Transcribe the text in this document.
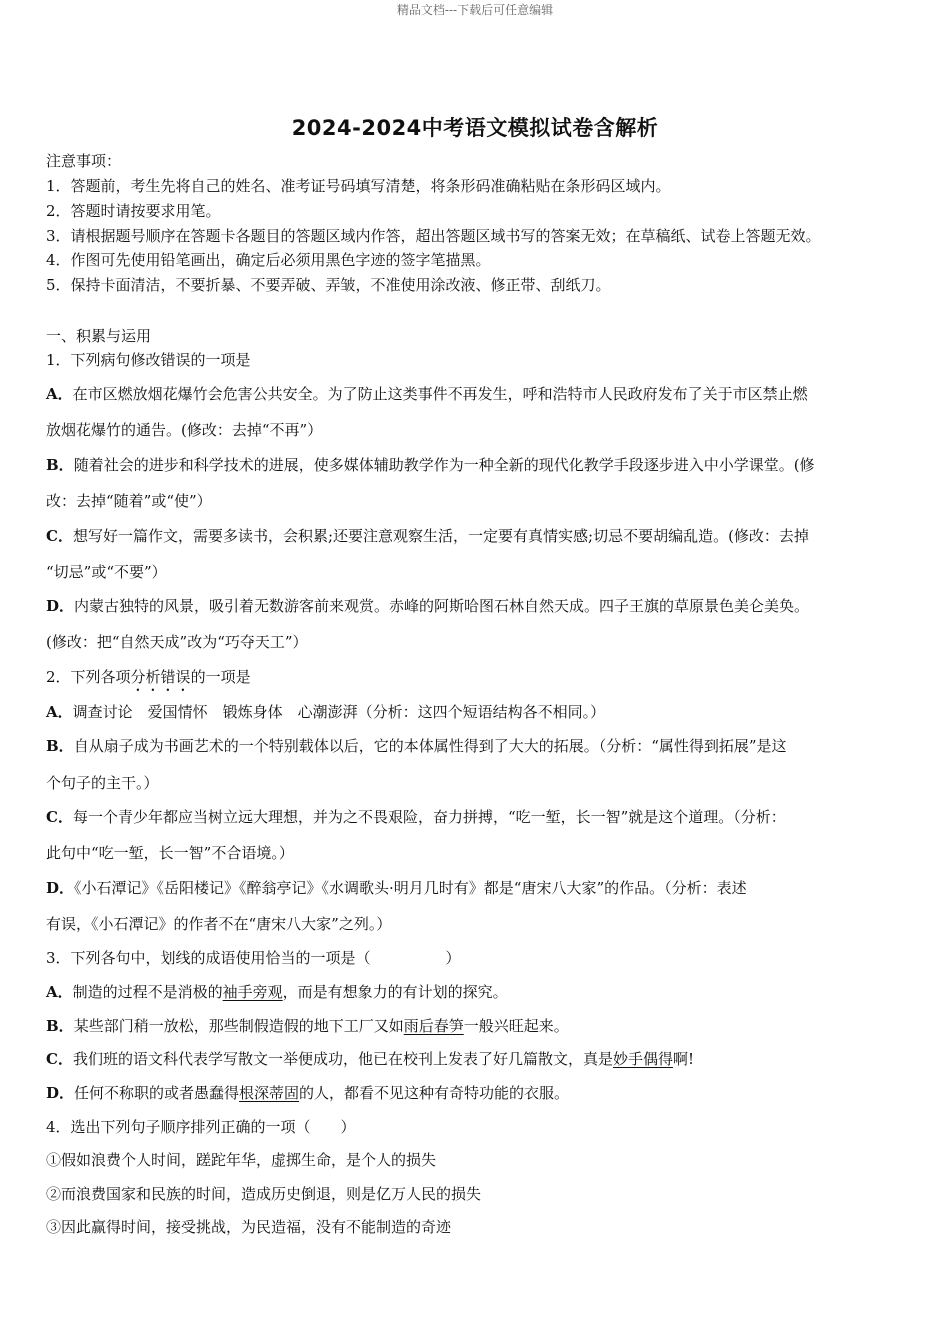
精品文档---下载后可任意编辑
2024-2024中考语文模拟试卷含解析
注意事项：
1．答题前，考生先将自己的姓名、准考证号码填写清楚，将条形码准确粘贴在条形码区域内。
2．答题时请按要求用笔。
3．请根据题号顺序在答题卡各题目的答题区域内作答，超出答题区域书写的答案无效；在草稿纸、试卷上答题无效。
4．作图可先使用铅笔画出，确定后必须用黑色字迹的签字笔描黑。
5．保持卡面清洁，不要折暴、不要弄破、弄皱，不准使用涂改液、修正带、刮纸刀。
一、积累与运用
1．下列病句修改错误的一项是
A．在市区燃放烟花爆竹会危害公共安全。为了防止这类事件不再发生，呼和浩特市人民政府发布了关于市区禁止燃
放烟花爆竹的通告。(修改：去掉“不再”）
B．随着社会的进步和科学技术的进展，使多媒体辅助教学作为一种全新的现代化教学手段逐步进入中小学课堂。(修
改：去掉“随着”或“使”）
C．想写好一篇作文，需要多读书，会积累;还要注意观察生活，一定要有真情实感;切忌不要胡编乱造。(修改：去掉
“切忌”或“不要”）
D．内蒙古独特的风景，吸引着无数游客前来观赏。赤峰的阿斯哈图石林自然天成。四子王旗的草原景色美仑美奂。
(修改：把“自然天成”改为“巧夺天工”）
2．下列各项分析错误的一项是
A．调查讨论　爱国情怀　锻炼身体　心潮澎湃（分析：这四个短语结构各不相同。）
B．自从扇子成为书画艺术的一个特别载体以后，它的本体属性得到了大大的拓展。（分析：“属性得到拓展”是这
个句子的主干。）
C．每一个青少年都应当树立远大理想，并为之不畏艰险，奋力拼搏，“吃一堑，长一智”就是这个道理。（分析：
此句中“吃一堑，长一智”不合语境。）
D．《小石潭记》《岳阳楼记》《醉翁亭记》《水调歌头·明月几时有》都是“唐宋八大家”的作品。（分析：表述
有误，《小石潭记》的作者不在“唐宋八大家”之列。）
3．下列各句中，划线的成语使用恰当的一项是（　　　　　）
A．制造的过程不是消极的袖手旁观，而是有想象力的有计划的探究。
B．某些部门稍一放松，那些制假造假的地下工厂又如雨后春笋一般兴旺起来。
C．我们班的语文科代表学写散文一举便成功，他已在校刊上发表了好几篇散文，真是妙手偶得啊!
D．任何不称职的或者愚蠢得根深蒂固的人，都看不见这种有奇特功能的衣服。
4．选出下列句子顺序排列正确的一项（　　）
①假如浪费个人时间，蹉跎年华，虚掷生命，是个人的损失
②而浪费国家和民族的时间，造成历史倒退，则是亿万人民的损失
③因此赢得时间，接受挑战，为民造福，没有不能制造的奇迹
